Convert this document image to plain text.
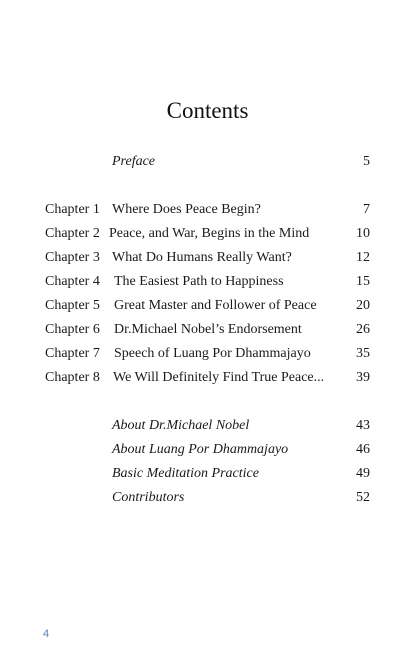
Contents
Preface	5
Chapter 1 Where Does Peace Begin?	7
Chapter 2 Peace, and War, Begins in the Mind	10
Chapter 3 What Do Humans Really Want?	12
Chapter 4 The Easiest Path to Happiness	15
Chapter 5 Great Master and Follower of Peace	20
Chapter 6 Dr.Michael Nobel’s Endorsement	26
Chapter 7 Speech of Luang Por Dhammajayo	35
Chapter 8 We Will Definitely Find True Peace... 39
About Dr.Michael Nobel	43
About Luang Por Dhammajayo	46
Basic Meditation Practice	49
Contributors	52
4
